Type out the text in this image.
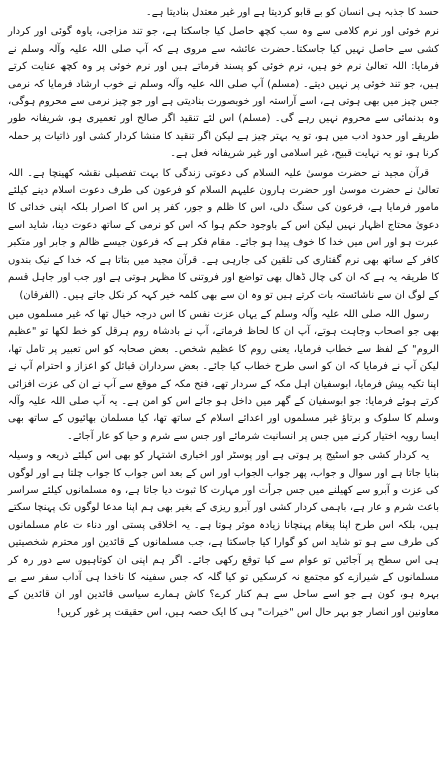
حسد کا جذبہ ہی انسان کو بے قابو کردیتا ہے اور غیر معتدل بنادیتا ہے۔

نرم خوئی اور نرم کلامی سے وہ سب کچھ حاصل کیا جاسکتا ہے، جو تند مزاجی، یاوہ گوئی اور کردار کشی سے حاصل نہیں کیا جاسکتا۔حضرت عائشہ سے مروی ہے کہ آپ صلی اللہ علیہ وآلہ وسلم نے فرمایا: اللہ تعالیٰ نرم خو ہیں، نرم خوئی کو پسند فرماتے ہیں اور نرم خوئی پر وہ کچھ عنایت کرتے ہیں، جو تند خوئی پر نہیں دیتے۔ (مسلم) آپ صلی اللہ علیہ وآلہ وسلم نے خوب ارشاد فرمایا کہ نرمی جس چیز میں بھی ہوتی ہے، اسے آراستہ اور خوبصورت بنادیتی ہے اور جو چیز نرمی سے محروم ہوگی، وہ بدنمائی سے محروم نہیں رہے گی۔ (مسلم) اس لئے تنقید اگر صالح اور تعمیری ہو، شریفانہ طور طریقے اور حدود ادب میں ہو، تو یہ بہتر چیز ہے لیکن اگر تنقید کا منشا کردار کشی اور ذاتیات پر حملہ کرنا ہو، تو یہ نہایت قبیح، غیر اسلامی اور غیر شریفانہ فعل ہے۔

قرآن مجید نے حضرت موسیٰ علیہ السلام کی دعوتی زندگی کا بہت تفصیلی نقشہ کھینچا ہے۔ اللہ تعالیٰ نے حضرت موسیٰ اور حضرت ہارون علیہم السلام کو فرعون کی طرف دعوت اسلام دینے کیلئے مامور فرمایا ہے، فرعون کی سنگ دلی، اس کا ظلم و جور، کفر پر اس کا اصرار بلکہ اپنی خدائی کا دعویٰ محتاج اظہار نہیں لیکن اس کے باوجود حکم ہوا کہ اس کو نرمی کے ساتھ دعوت دینا، شاید اسے عبرت ہو اور اس میں خدا کا خوف پیدا ہو جائے۔ مقام فکر ہے کہ فرعون جیسے ظالم و جابر اور متکبر کافر کے ساتھ بھی نرم گفتاری کی تلقین کی جارہی ہے۔ قرآن مجید میں بتاتا ہے کہ خدا کے نیک بندوں کا طریقہ یہ ہے کہ ان کی چال ڈھال بھی تواضع اور فروتنی کا مظہر ہوتی ہے اور جب اور جاہل قسم کے لوگ ان سے ناشائستہ بات کرتے ہیں تو وہ ان سے بھی کلمہ خیر کہہ کر نکل جاتے ہیں۔ (الفرقان)

رسول اللہ صلی اللہ علیہ وآلہ وسلم کے یہاں عزت نفس کا اس درجہ خیال تھا کہ غیر مسلموں میں بھی جو اصحاب وجاہت ہوتے، آپ ان کا لحاظ فرماتے، آپ نے بادشاہ روم ہرقل کو خط لکھا تو "عظیم الروم" کے لفظ سے خطاب فرمایا، یعنی روم کا عظیم شخص۔ بعض صحابہ کو اس تعبیر پر تامل تھا، لیکن آپ نے فرمایا کہ ان کو اسی طرح خطاب کیا جائے۔ بعض سرداران قبائل کو اعزاز و احترام آپ نے اپنا تکیہ پیش فرمایا، ابوسفیان اہل مکہ کے سردار تھے، فتح مکہ کے موقع سے آپ نے ان کی عزت افزائی کرتے ہوئے فرمایا: جو ابوسفیان کے گھر میں داخل ہو جائے اس کو امن ہے۔ یہ آپ صلی اللہ علیہ وآلہ وسلم کا سلوک و برتاؤ غیر مسلموں اور اعدائے اسلام کے ساتھ تھا، کیا مسلمان بھائیوں کے ساتھ بھی ایسا رویہ اختیار کرنے میں جس پر انسانیت شرمائے اور جس سے شرم و حیا کو عار آجائے۔

یہ کردار کشی جو اسٹیج پر ہوتی ہے اور پوسٹر اور اخباری اشتہار کو بھی اس کیلئے ذریعہ و وسیلہ بنایا جاتا ہے اور سوال و جواب، پھر جواب الجواب اور اس کے بعد اس جواب کا جواب چلتا ہے اور لوگوں کی عزت و آبرو سے کھیلنے میں جس جرأت اور مہارت کا ثبوت دیا جاتا ہے، وہ مسلمانوں کیلئے سراسر باعث شرم و عار ہے، باہمی کردار کشی اور آبرو ریزی کے بغیر بھی ہم اپنا مدعا لوگوں تک پہنچا سکتے ہیں، بلکہ اس طرح اپنا پیغام پہنچانا زیادہ موثر ہوتا ہے۔ یہ اخلاقی پستی اور دناء ت عام مسلمانوں کی طرف سے ہو تو شاید اس کو گوارا کیا جاسکتا ہے، جب مسلمانوں کے قائدین اور محترم شخصیتیں ہی اس سطح پر آجائیں تو عوام سے کیا توقع رکھی جائے۔ اگر ہم اپنی ان کوتاہیوں سے دور رہ کر مسلمانوں کے شیرازے کو مجتمع نہ کرسکیں تو کیا گلہ کہ جس سفینہ کا ناخدا ہی آداب سفر سے بے بہرہ ہو، کون ہے جو اسے ساحل سے ہم کنار کرے؟ کاش ہمارے سیاسی قائدین اور ان قائدین کے معاونین اور انصار جو بہر حال اس "خیرات" ہی کا ایک حصہ ہیں، اس حقیقت پر غور کریں!
